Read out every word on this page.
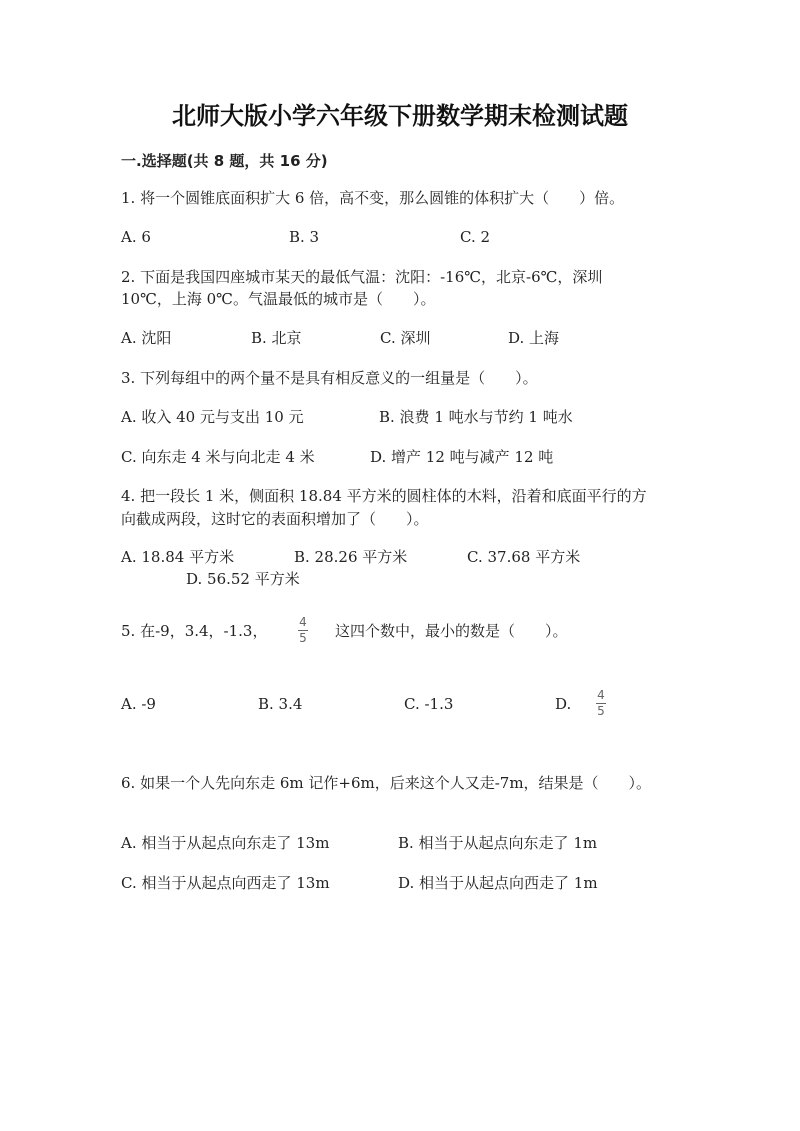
北师大版小学六年级下册数学期末检测试题
一.选择题(共 8 题，共 16 分)
1. 将一个圆锥底面积扩大 6 倍，高不变，那么圆锥的体积扩大（　　）倍。
A. 6	B. 3	C. 2
2. 下面是我国四座城市某天的最低气温：沈阳：-16℃，北京-6℃，深圳
10℃，上海 0℃。气温最低的城市是（　　）。
A. 沈阳	B. 北京	C. 深圳	D. 上海
3. 下列每组中的两个量不是具有相反意义的一组量是（　　）。
A. 收入 40 元与支出 10 元	B. 浪费 1 吨水与节约 1 吨水
C. 向东走 4 米与向北走 4 米	D. 增产 12 吨与减产 12 吨
4. 把一段长 1 米，侧面积 18.84 平方米的圆柱体的木料，沿着和底面平行的方
向截成两段，这时它的表面积增加了（　　）。
A. 18.84 平方米	B. 28.26 平方米	C. 37.68 平方米
D. 56.52 平方米
5. 在-9，3.4，-1.3，	4
5 这四个数中，最小的数是（　　）。
A. -9	B. 3.4	C. -1.3	D. 4
5
6. 如果一个人先向东走 6m 记作+6m，后来这个人又走-7m，结果是（　　）。
A. 相当于从起点向东走了 13m	B. 相当于从起点向东走了 1m
C. 相当于从起点向西走了 13m	D. 相当于从起点向西走了 1m
